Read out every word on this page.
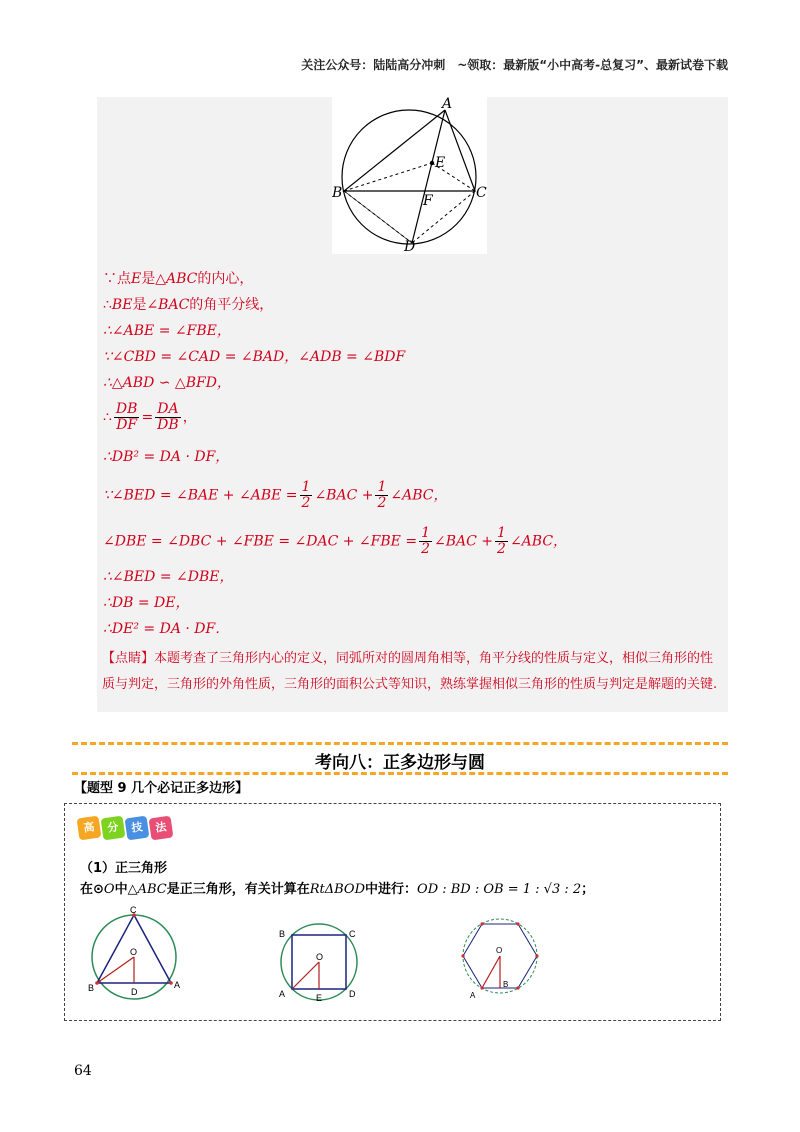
关注公众号：陆陆高分冲刺　~领取：最新版“小中高考-总复习”、最新试卷下载
A
B	C
D
E
F
∵点E是△ABC的内心，
∴BE是∠BAC的角平分线，
∴∠ABE = ∠FBE，
∵∠CBD = ∠CAD = ∠BAD，∠ADB = ∠BDF
∴△ABD ∽ △BFD，
∴ $\frac{DB}{DF} = \frac{DA}{DB}$ ，
∴DB² = DA · DF，
∵∠BED = ∠BAE + ∠ABE = $\frac{1}{2}$ ∠BAC + $\frac{1}{2}$ ∠ABC，
∠DBE = ∠DBC + ∠FBE = ∠DAC + ∠FBE = $\frac{1}{2}$ ∠BAC + $\frac{1}{2}$ ∠ABC，
∴∠BED = ∠DBE，
∴DB = DE，
∴DE² = DA · DF．
【点睛】本题考查了三角形内心的定义，同弧所对的圆周角相等，角平分线的性质与定义，相似三角形的性质与判定，三角形的外角性质，三角形的面积公式等知识，熟练掌握相似三角形的性质与判定是解题的关键.
考向八：正多边形与圆
【题型 9 几个必记正多边形】
高	分	技	法
（1）正三角形
在⊙O中△ABC是正三角形，有关计算在RtΔBOD中进行：OD : BD : OB = 1 : √3 : 2；
C
O
B	D
A
B	C
O
A	E	D
O
A
B
64
